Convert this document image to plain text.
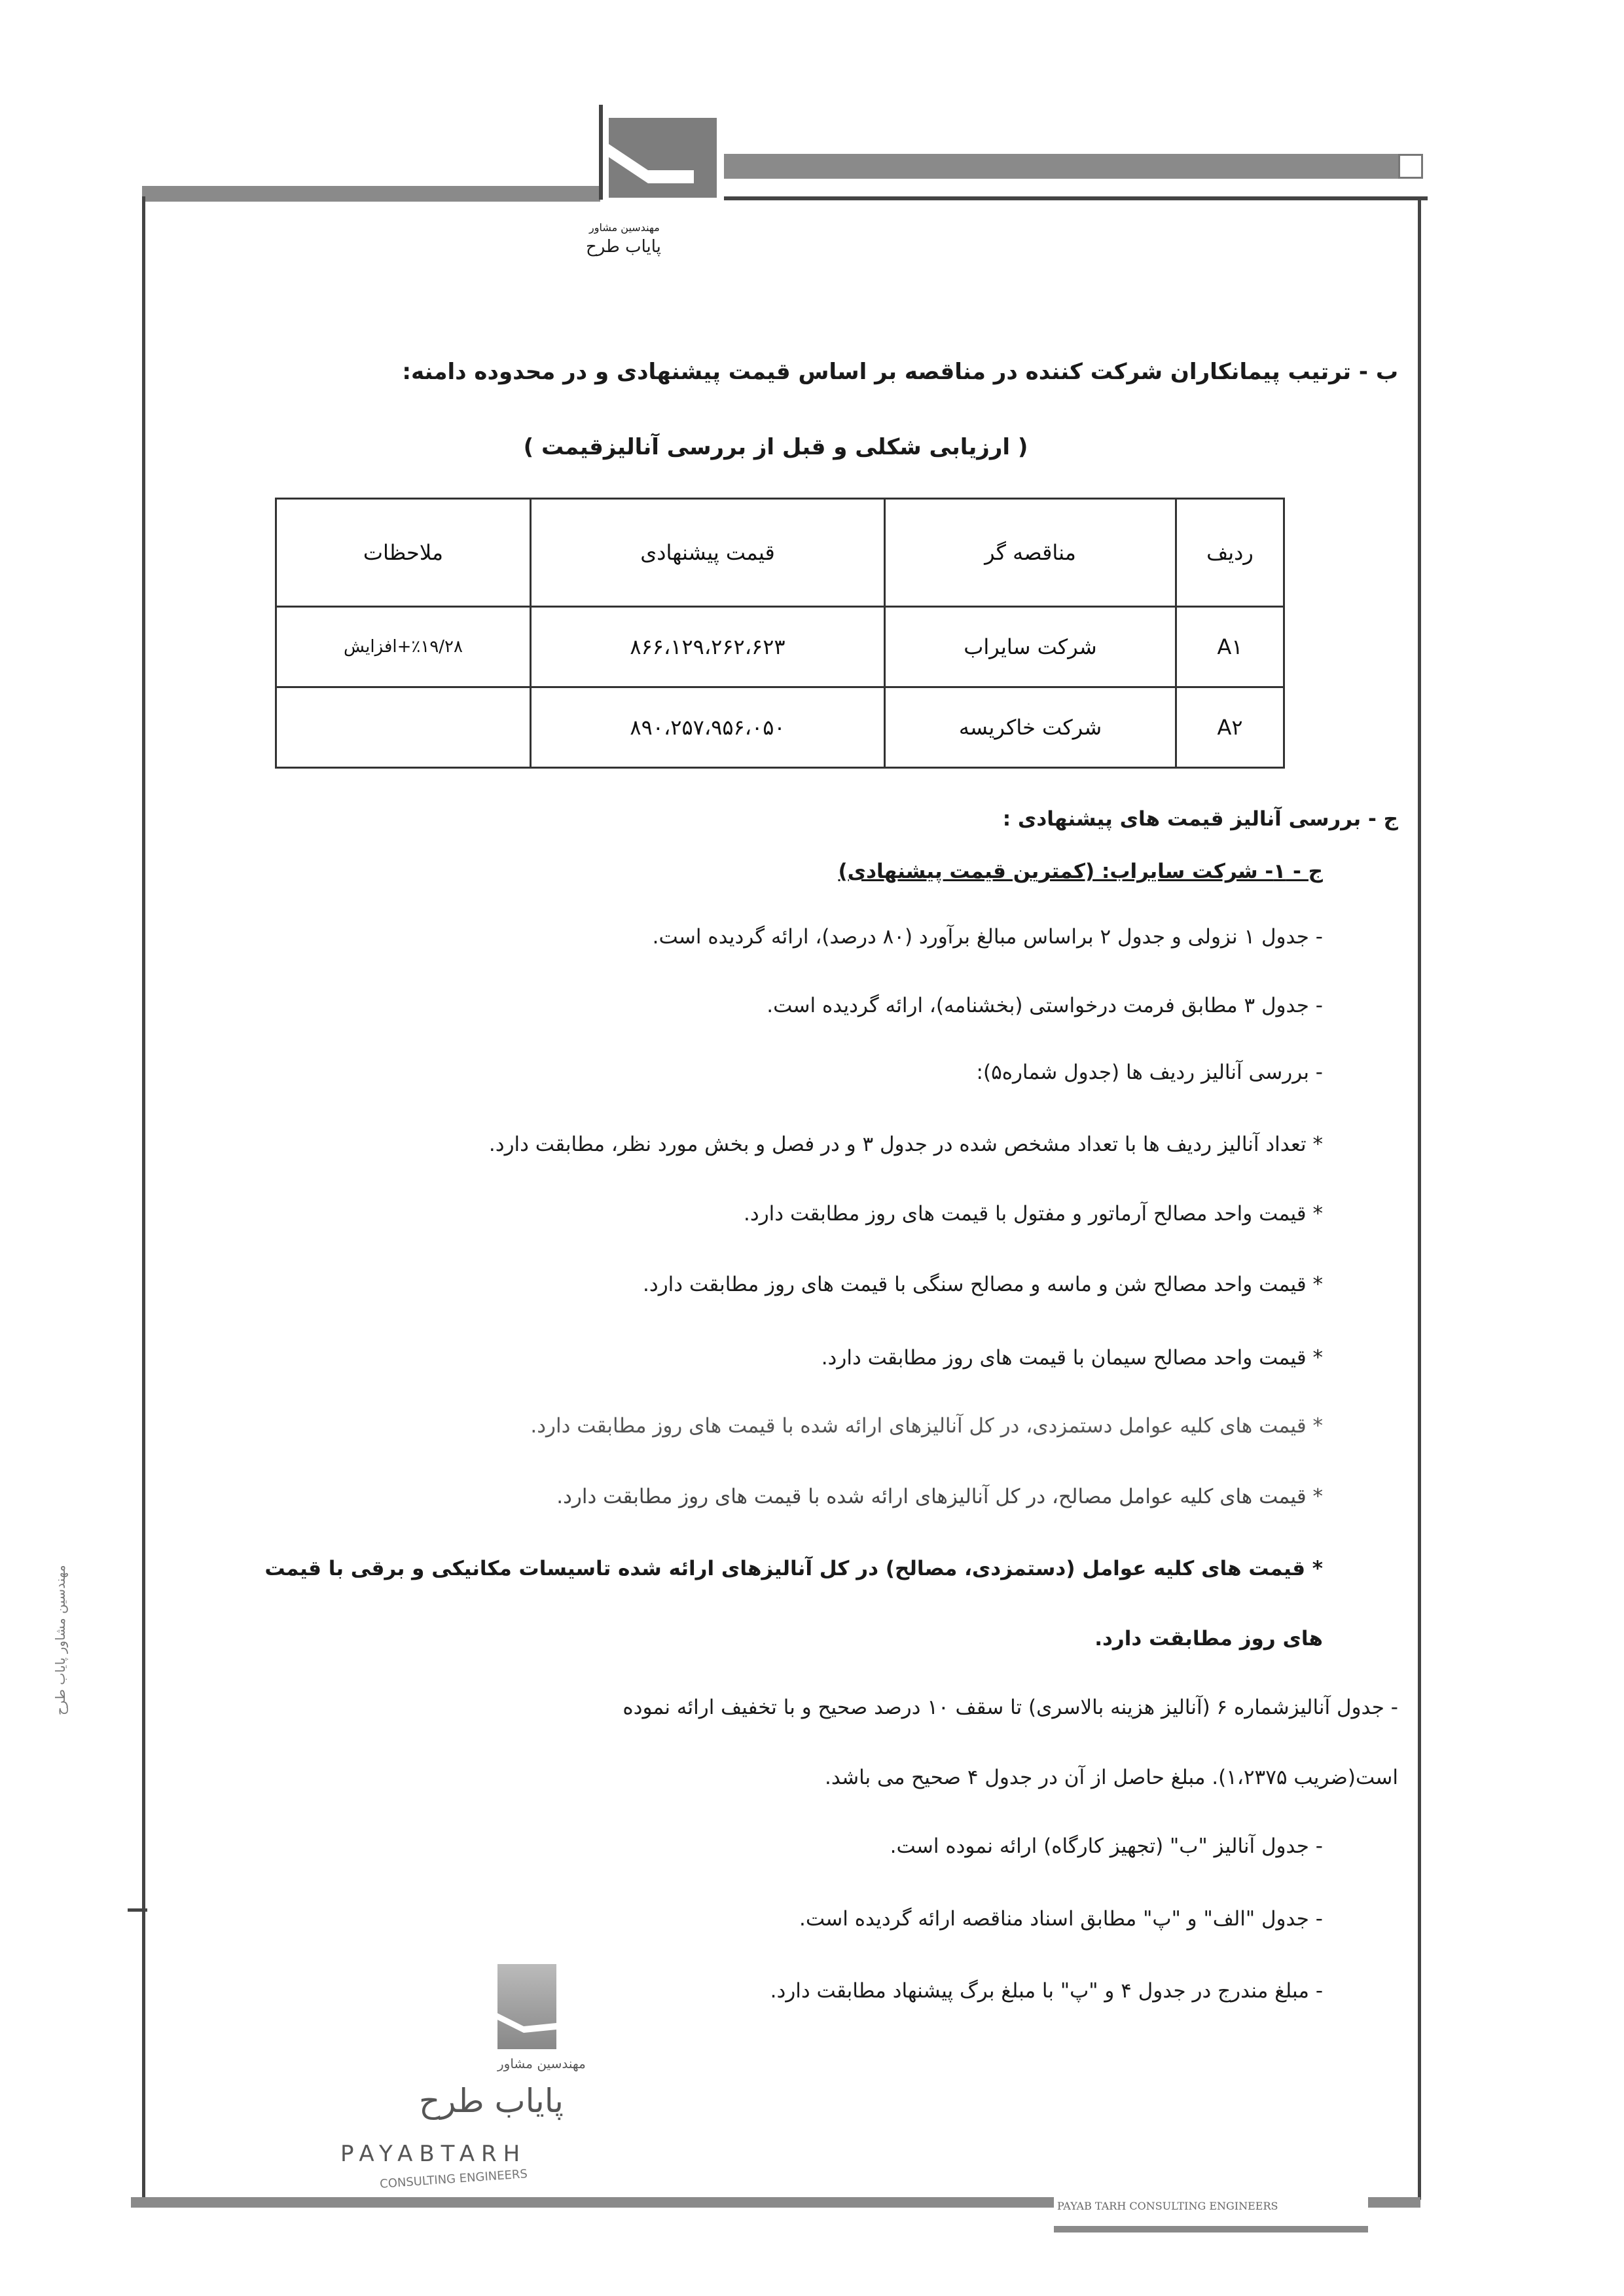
مهندسین مشاور
پایاب طرح
ب - ترتیب پیمانکاران شرکت کننده در مناقصه بر اساس قیمت پیشنهادی و در محدوده دامنه:
( ارزیابی شکلی و قبل از بررسی آنالیزقیمت )
ردیف	مناقصه گر	قیمت پیشنهادی	ملاحظات
A۱	شرکت سایراب	۸۶۶،۱۲۹،۲۶۲،۶۲۳	٪۱۹/۲۸+افزایش
A۲	شرکت خاکریسه	۸۹۰،۲۵۷،۹۵۶،۰۵۰	
ج - بررسی آنالیز قیمت های پیشنهادی :
ج - ۱- شرکت سایراب: (کمترین قیمت پیشنهادی)
- جدول ۱ نزولی و جدول ۲ براساس مبالغ برآورد (۸۰ درصد)، ارائه گردیده است.
- جدول ۳ مطابق فرمت درخواستی (بخشنامه)، ارائه گردیده است.
- بررسی آنالیز ردیف ها (جدول شماره۵):
* تعداد آنالیز ردیف ها با تعداد مشخص شده در جدول ۳ و در فصل و بخش مورد نظر، مطابقت دارد.
* قیمت واحد مصالح آرماتور و مفتول با قیمت های روز مطابقت دارد.
* قیمت واحد مصالح شن و ماسه و مصالح سنگی با قیمت های روز مطابقت دارد.
* قیمت واحد مصالح سیمان با قیمت های روز مطابقت دارد.
* قیمت های کلیه عوامل دستمزدی، در کل آنالیزهای ارائه شده با قیمت های روز مطابقت دارد.
* قیمت های کلیه عوامل مصالح، در کل آنالیزهای ارائه شده با قیمت های روز مطابقت دارد.
* قیمت های کلیه عوامل (دستمزدی، مصالح) در کل آنالیزهای ارائه شده تاسیسات مکانیکی و برقی با قیمت
های روز مطابقت دارد.
- جدول آنالیزشماره ۶ (آنالیز هزینه بالاسری) تا سقف ۱۰ درصد صحیح و با تخفیف ارائه نموده
است(ضریب ۱،۲۳۷۵). مبلغ حاصل از آن در جدول ۴ صحیح می باشد.
- جدول آنالیز "ب" (تجهیز کارگاه) ارائه نموده است.
- جدول "الف" و "پ" مطابق اسناد مناقصه ارائه گردیده است.
- مبلغ مندرج در جدول ۴ و "پ" با مبلغ برگ پیشنهاد مطابقت دارد.
مهندسین مشاور پایاب طرح
مهندسین مشاور
پایاب طرح
PAYABTARH
CONSULTING ENGINEERS
PAYAB TARH CONSULTING ENGINEERS
